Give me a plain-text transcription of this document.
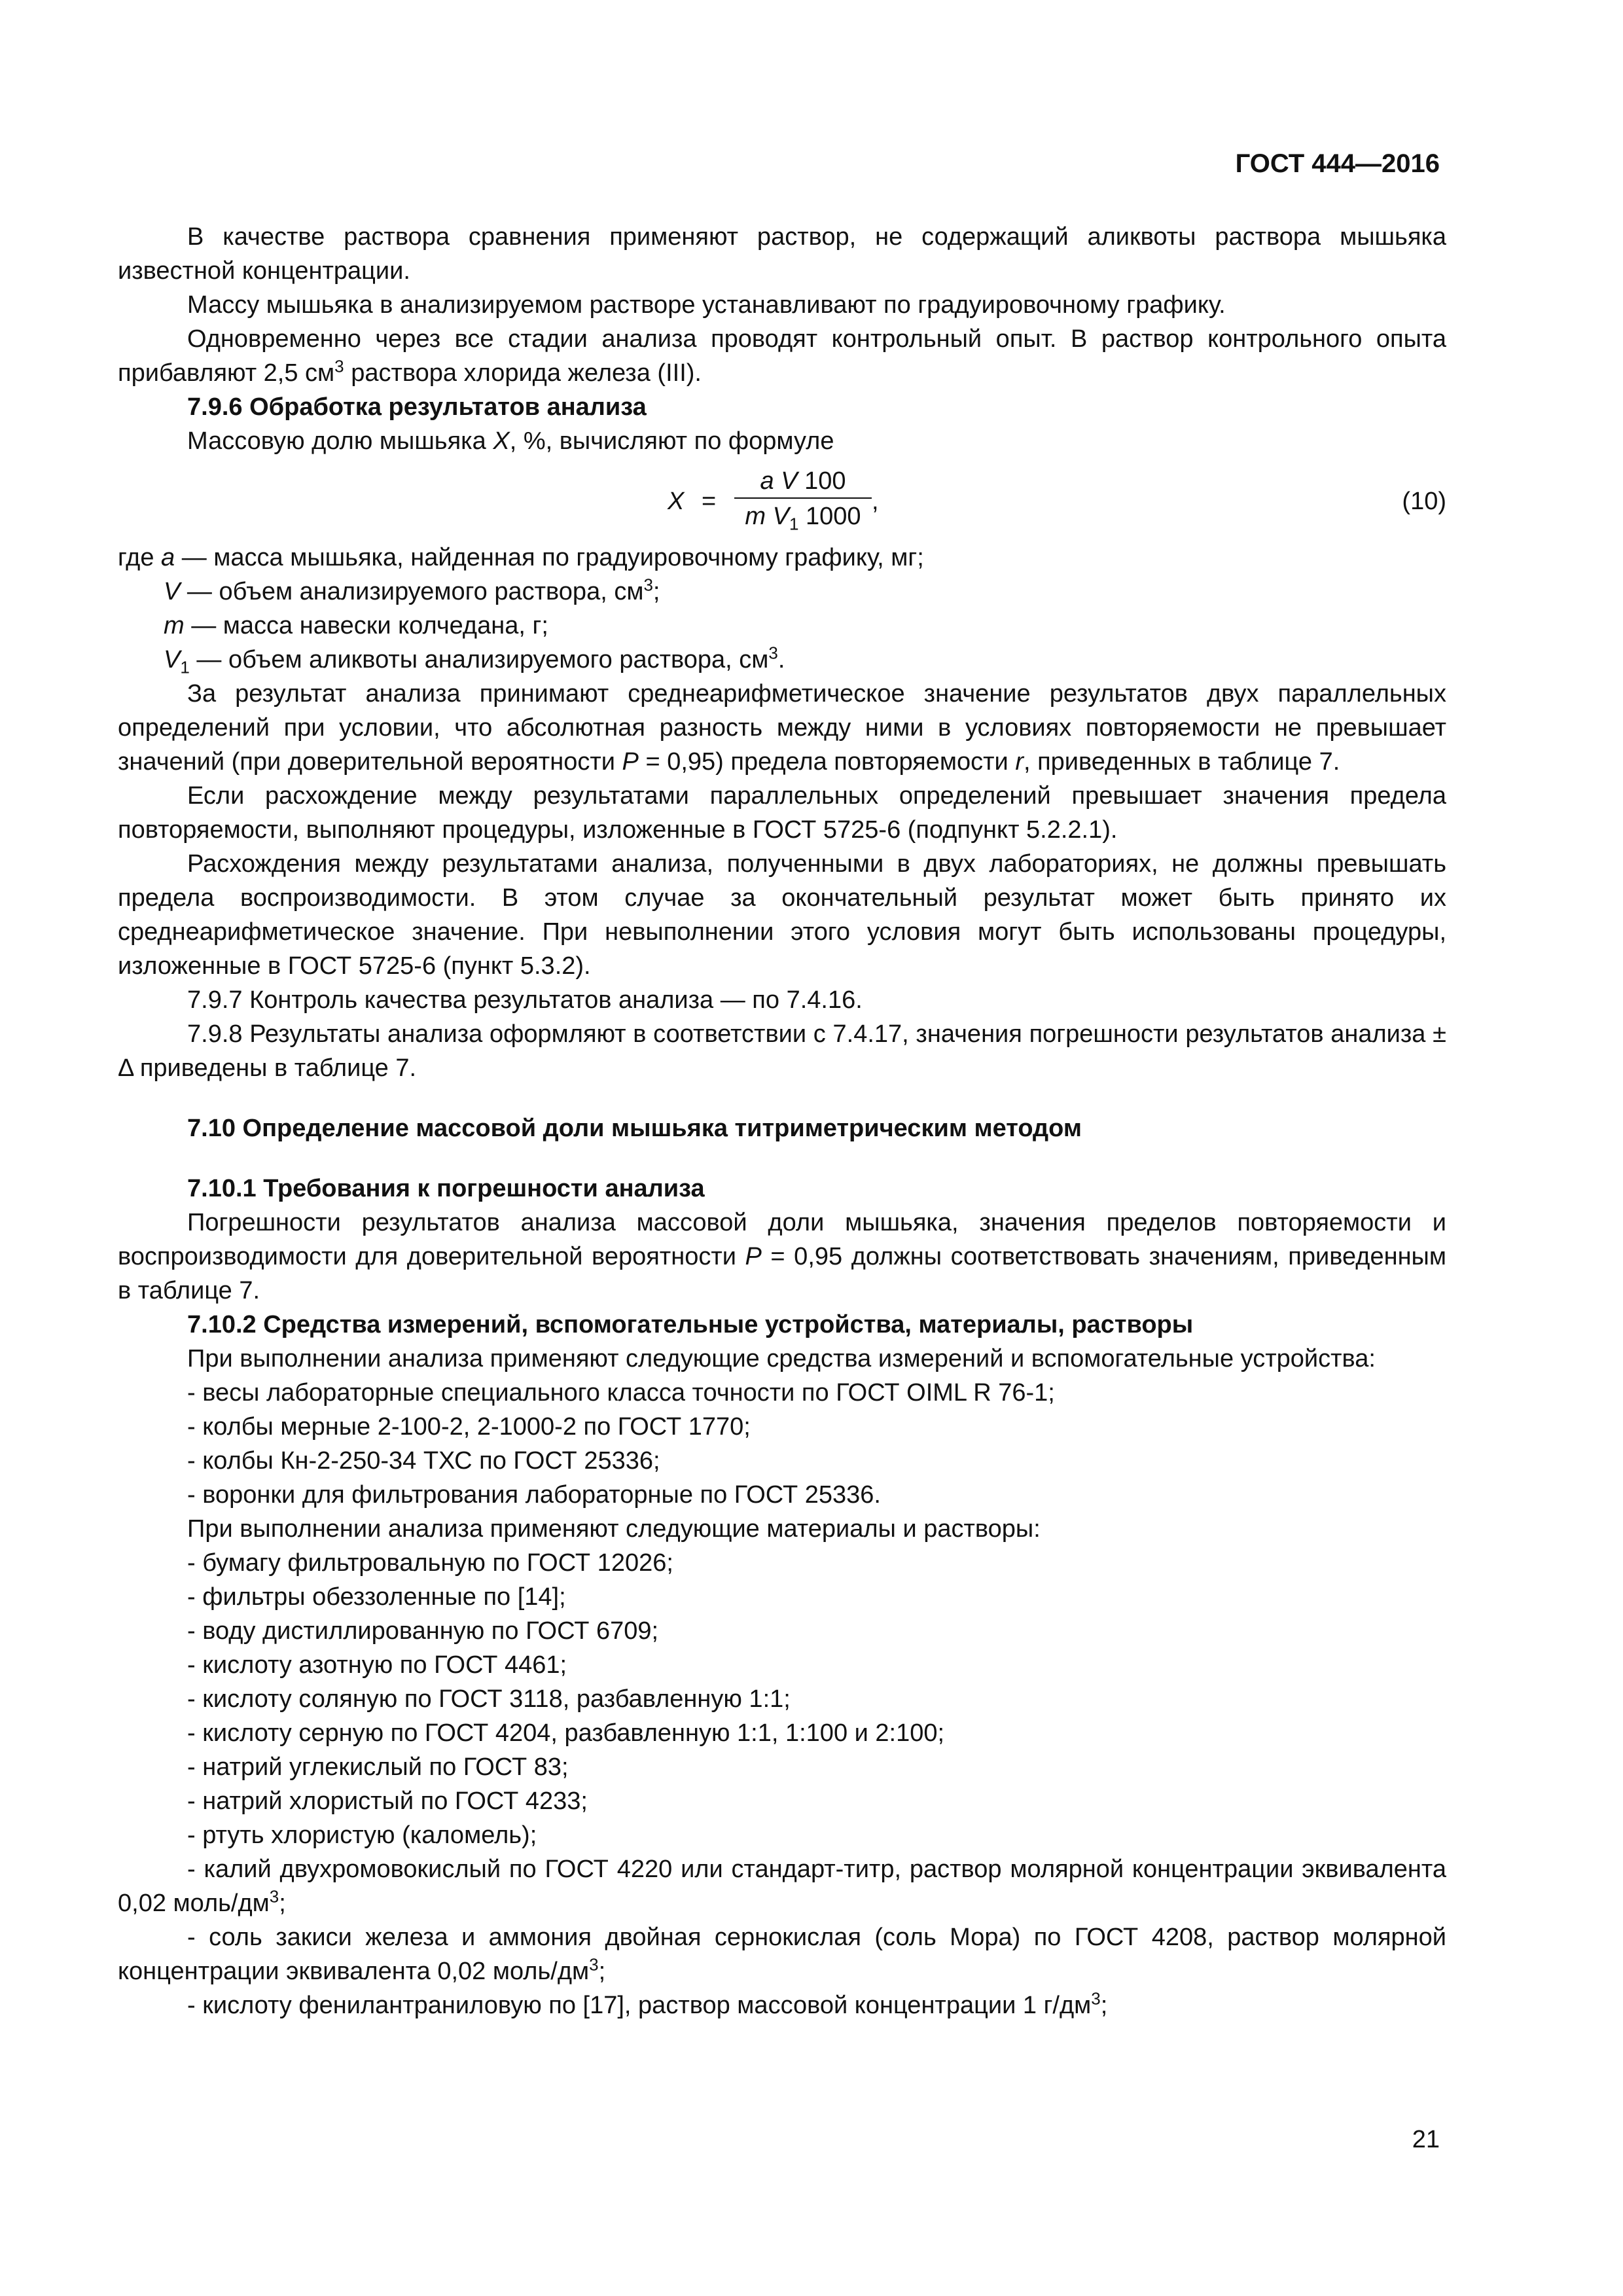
ГОСТ 444—2016

В качестве раствора сравнения применяют раствор, не содержащий аликвоты раствора мышьяка известной концентрации.

Массу мышьяка в анализируемом растворе устанавливают по градуировочному графику.

Одновременно через все стадии анализа проводят контрольный опыт. В раствор контрольного опыта прибавляют 2,5 $см^3$ раствора хлорида железа (III).

7.9.6 Обработка результатов анализа

Массовую долю мышьяка X, %, вычисляют по формуле

$X = \frac{\text{a V 100}}{m V_1 1000}$ ,	(10)

где a — масса мышьяка, найденная по градуировочному графику, мг;

V — объем анализируемого раствора, $см^3$;

m — масса навески колчедана, г;

$V_1$ — объем аликвоты анализируемого раствора, $см^3$.

За результат анализа принимают среднеарифметическое значение результатов двух параллельных определений при условии, что абсолютная разность между ними в условиях повторяемости не превышает значений (при доверительной вероятности P = 0,95) предела повторяемости r, приведенных в таблице 7.

Если расхождение между результатами параллельных определений превышает значения предела повторяемости, выполняют процедуры, изложенные в ГОСТ 5725-6 (подпункт 5.2.2.1).

Расхождения между результатами анализа, полученными в двух лабораториях, не должны превышать предела воспроизводимости. В этом случае за окончательный результат может быть принято их среднеарифметическое значение. При невыполнении этого условия могут быть использованы процедуры, изложенные в ГОСТ 5725-6 (пункт 5.3.2).

7.9.7 Контроль качества результатов анализа — по 7.4.16.

7.9.8 Результаты анализа оформляют в соответствии с 7.4.17, значения погрешности результатов анализа ± Δ приведены в таблице 7.

7.10 Определение массовой доли мышьяка титриметрическим методом

7.10.1 Требования к погрешности анализа

Погрешности результатов анализа массовой доли мышьяка, значения пределов повторяемости и воспроизводимости для доверительной вероятности P = 0,95 должны соответствовать значениям, приведенным в таблице 7.

7.10.2 Средства измерений, вспомогательные устройства, материалы, растворы

При выполнении анализа применяют следующие средства измерений и вспомогательные устройства:

- весы лабораторные специального класса точности по ГОСТ OIML R 76-1;

- колбы мерные 2-100-2, 2-1000-2 по ГОСТ 1770;

- колбы Кн-2-250-34 ТХС по ГОСТ 25336;

- воронки для фильтрования лабораторные по ГОСТ 25336.

При выполнении анализа применяют следующие материалы и растворы:

- бумагу фильтровальную по ГОСТ 12026;

- фильтры обеззоленные по [14];

- воду дистиллированную по ГОСТ 6709;

- кислоту азотную по ГОСТ 4461;

- кислоту соляную по ГОСТ 3118, разбавленную 1:1;

- кислоту серную по ГОСТ 4204, разбавленную 1:1, 1:100 и 2:100;

- натрий углекислый по ГОСТ 83;

- натрий хлористый по ГОСТ 4233;

- ртуть хлористую (каломель);

- калий двухромовокислый по ГОСТ 4220 или стандарт-титр, раствор молярной концентрации эквивалента 0,02 моль/$дм^3$;

- соль закиси железа и аммония двойная сернокислая (соль Мора) по ГОСТ 4208, раствор молярной концентрации эквивалента 0,02 моль/$дм^3$;

- кислоту фенилантраниловую по [17], раствор массовой концентрации 1 $г/дм^3$;

21
